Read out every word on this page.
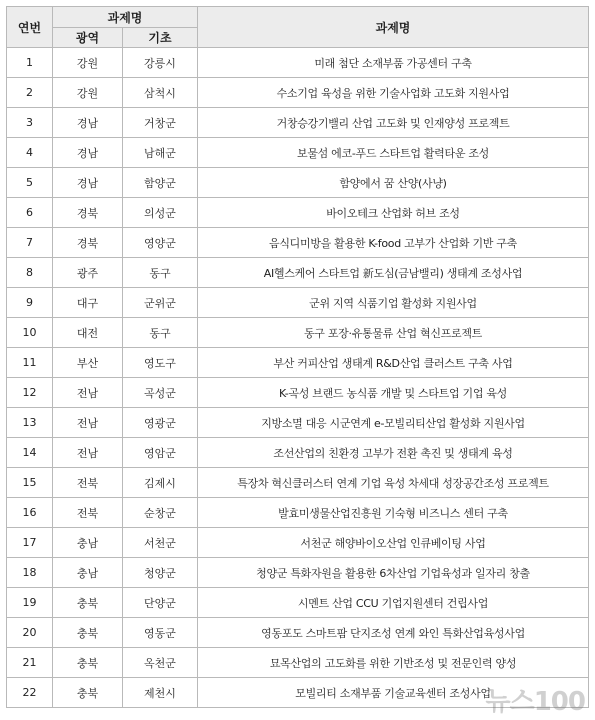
연번	과제명		과제명
	광역	기초	
1	강원	강릉시	미래 첨단 소재부품 가공센터 구축
2	강원	삼척시	수소기업 육성을 위한 기술사업화 고도화 지원사업
3	경남	거창군	거창승강기밸리 산업 고도화 및 인재양성 프로젝트
4	경남	남해군	보물섬 에코-푸드 스타트업 활력타운 조성
5	경남	함양군	함양에서 꿈 산양(사냥)
6	경북	의성군	바이오테크 산업화 허브 조성
7	경북	영양군	음식디미방을 활용한 K-food 고부가 산업화 기반 구축
8	광주	동구	AI헬스케어 스타트업 新도심(금남밸리) 생태계 조성사업
9	대구	군위군	군위 지역 식품기업 활성화 지원사업
10	대전	동구	동구 포장·유통물류 산업 혁신프로젝트
11	부산	영도구	부산 커피산업 생태계 R&D산업 클러스트 구축 사업
12	전남	곡성군	K-곡성 브랜드 농식품 개발 및 스타트업 기업 육성
13	전남	영광군	지방소멸 대응 시군연계 e-모빌리티산업 활성화 지원사업
14	전남	영암군	조선산업의 친환경 고부가 전환 촉진 및 생태계 육성
15	전북	김제시	특장차 혁신클러스터 연계 기업 육성 차세대 성장공간조성 프로젝트
16	전북	순창군	발효미생물산업진흥원 기숙형 비즈니스 센터 구축
17	충남	서천군	서천군 해양바이오산업 인큐베이팅 사업
18	충남	청양군	청양군 특화자원을 활용한 6차산업 기업육성과 일자리 창출
19	충북	단양군	시멘트 산업 CCU 기업지원센터 건립사업
20	충북	영동군	영동포도 스마트팜 단지조성 연계 와인 특화산업육성사업
21	충북	옥천군	묘목산업의 고도화를 위한 기반조성 및 전문인력 양성
22	충북	제천시	모빌리티 소재부품 기술교육센터 조성사업
뉴스100
